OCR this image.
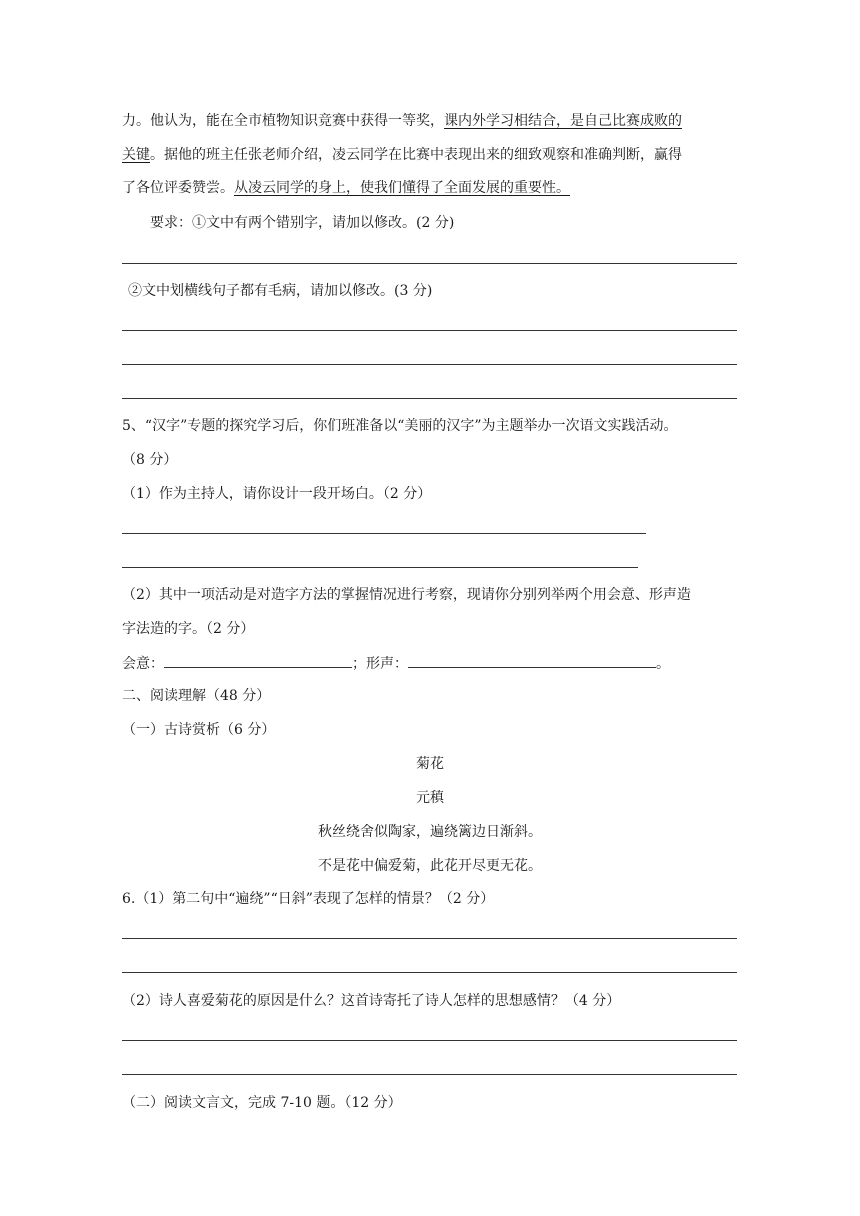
力。他认为，能在全市植物知识竞赛中获得一等奖，课内外学习相结合，是自己比赛成败的
关键。据他的班主任张老师介绍，凌云同学在比赛中表现出来的细致观察和准确判断，赢得
了各位评委赞尝。从凌云同学的身上，使我们懂得了全面发展的重要性。
要求：①文中有两个错别字，请加以修改。(2 分)
②文中划横线句子都有毛病，请加以修改。(3 分)
5、“汉字”专题的探究学习后，你们班准备以“美丽的汉字”为主题举办一次语文实践活动。
（8 分）
（1）作为主持人，请你设计一段开场白。（2 分）
（2）其中一项活动是对造字方法的掌握情况进行考察，现请你分别列举两个用会意、形声造
字法造的字。（2 分）
会意：	；形声：	。
二、阅读理解（48 分）
（一）古诗赏析（6 分）
菊花
元稹
秋丝绕舍似陶家，遍绕篱边日渐斜。
不是花中偏爱菊，此花开尽更无花。
6.（1）第二句中“遍绕”“日斜”表现了怎样的情景？（2 分）
（2）诗人喜爱菊花的原因是什么？这首诗寄托了诗人怎样的思想感情？（4 分）
（二）阅读文言文，完成 7-10 题。（12 分）
